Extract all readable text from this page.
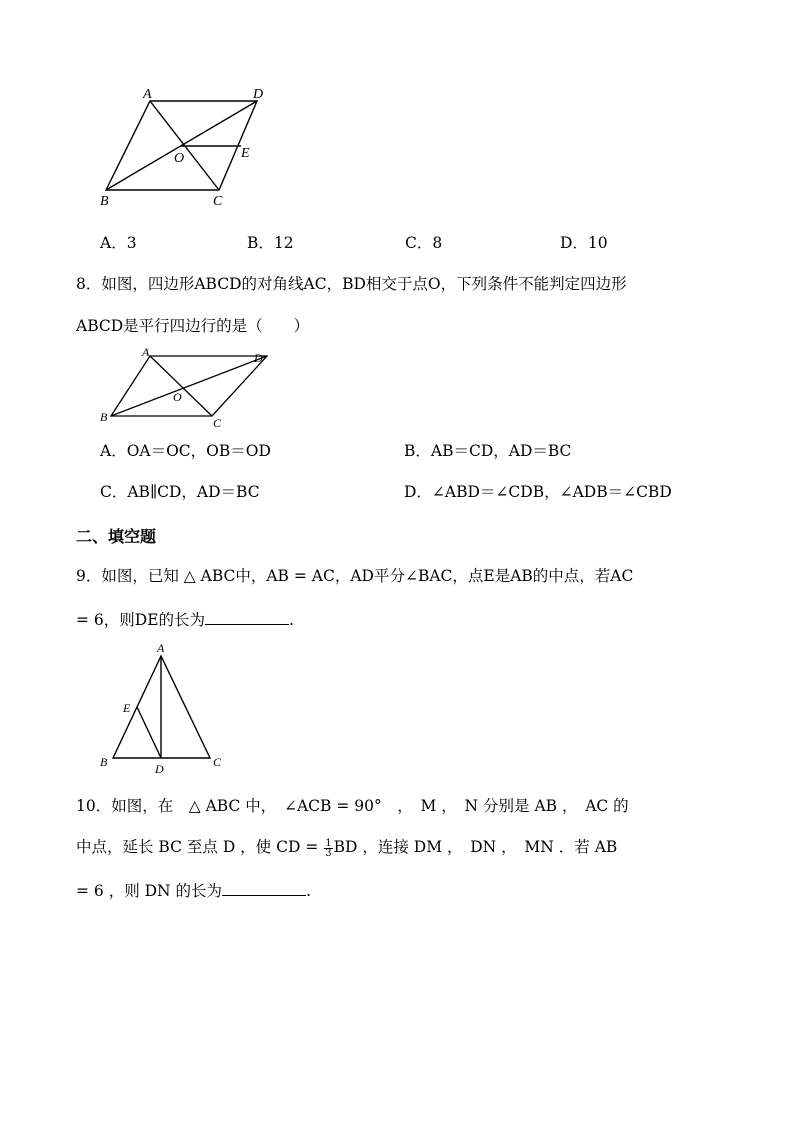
A	D
O	E
B	C
A．3	B．12	C．8	D．10
8．如图，四边形ABCD的对角线AC，BD相交于点O，下列条件不能判定四边形
ABCD是平行四边行的是（　　）
A	D
O
B	C
A．OA＝OC，OB＝OD	B．AB＝CD，AD＝BC
C．AB∥CD，AD＝BC	D．∠ABD＝∠CDB，∠ADB＝∠CBD
二、填空题
9．如图，已知 △ ABC中，AB = AC，AD平分∠BAC，点E是AB的中点，若AC
= 6，则DE的长为	.
A
E
B	D	C
10．如图，在　△ ABC 中，　∠ACB = 90°　，　M ，　N 分别是 AB ，　AC 的
中点，延长 BC 至点 D ，使 CD = $\frac{1}{3}$ BD ，连接 DM ，　DN ，　MN ．若 AB
= 6 ，则 DN 的长为	.
